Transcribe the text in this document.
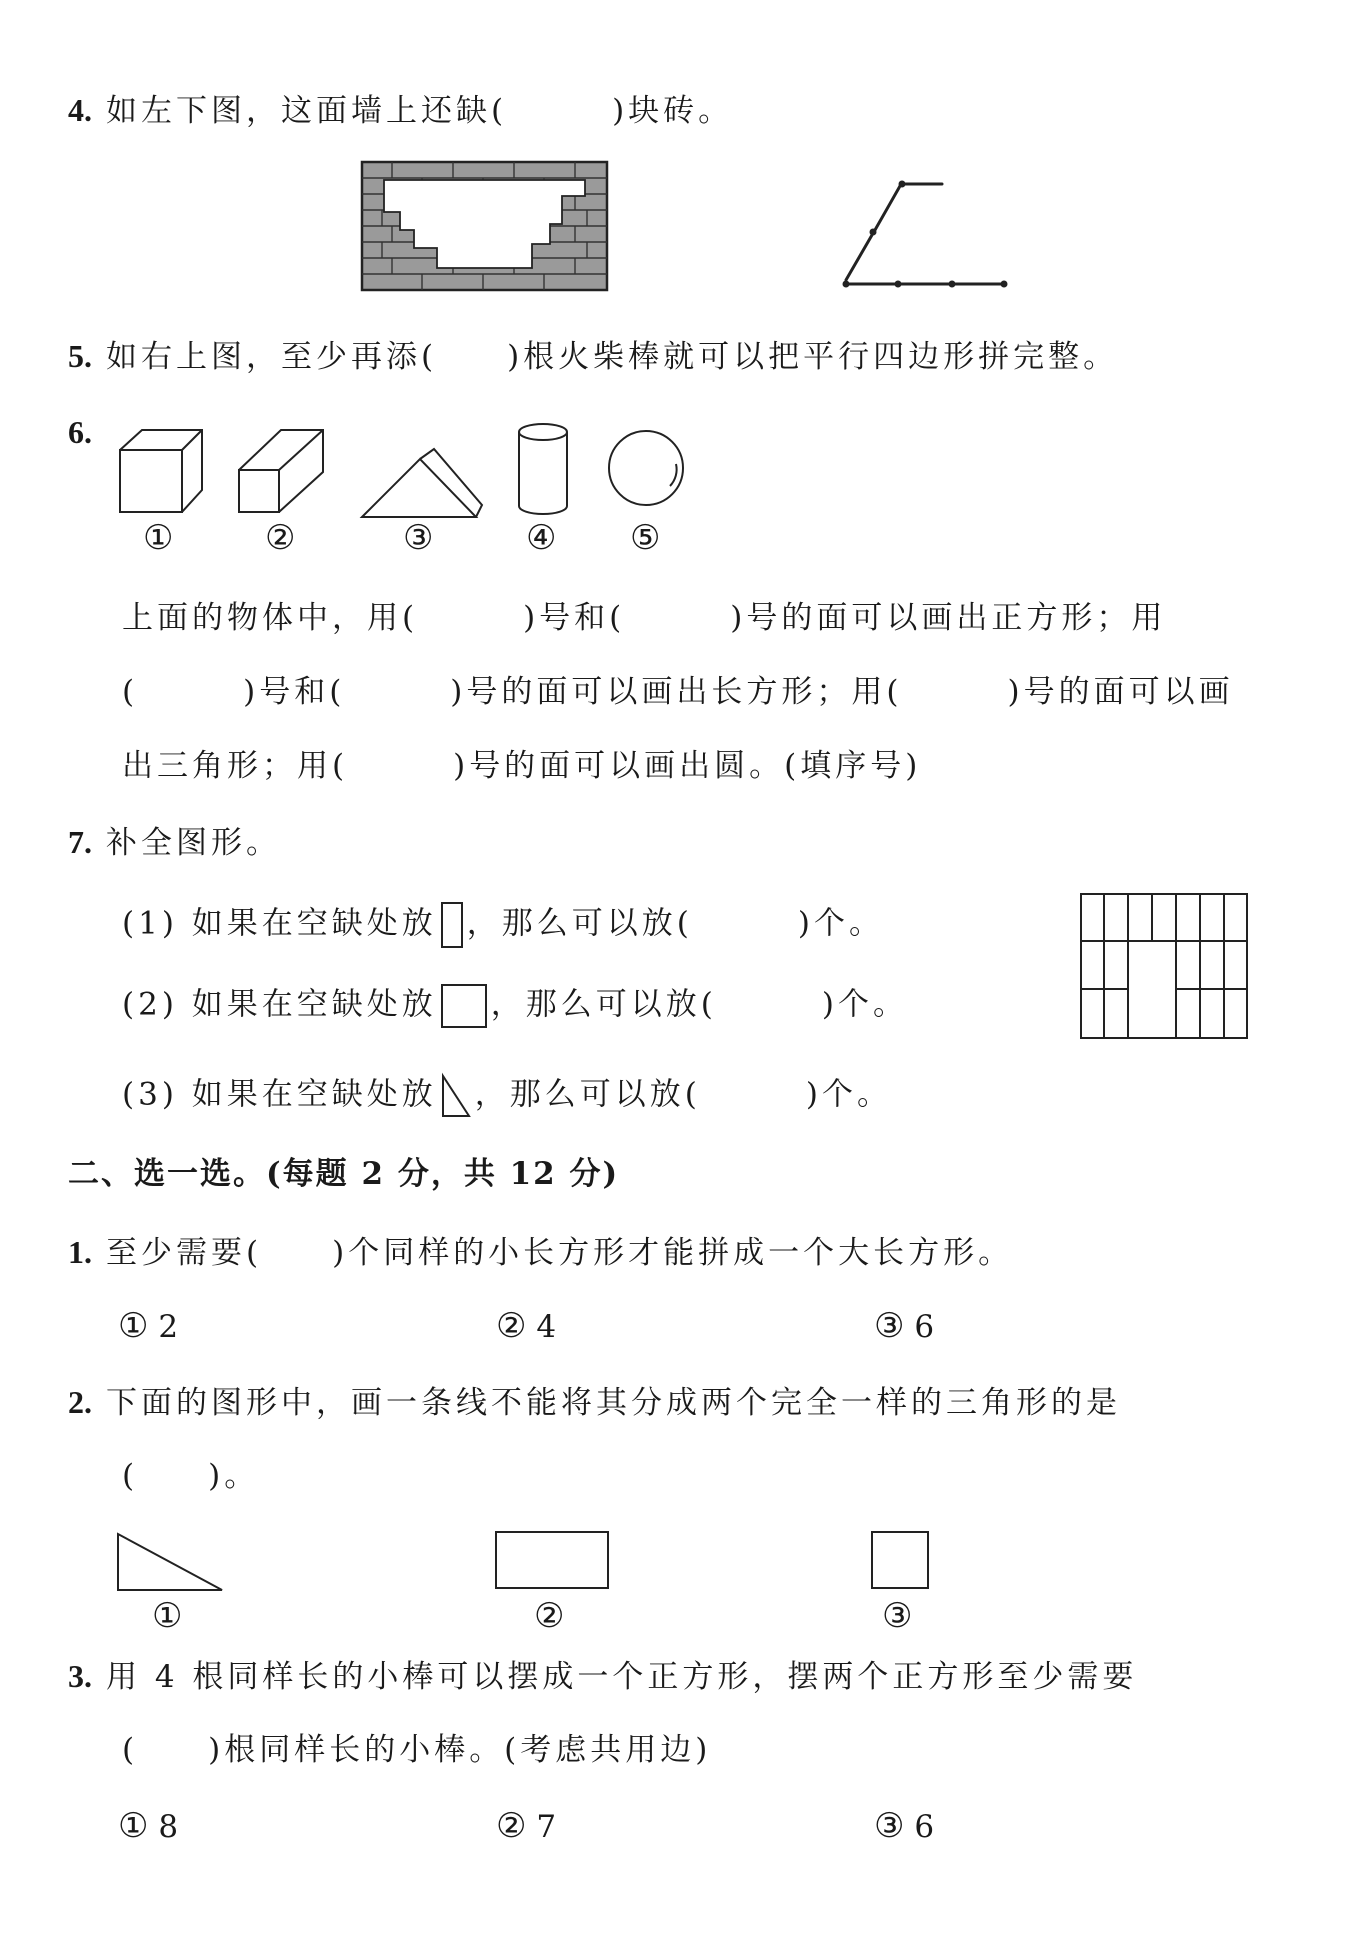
4. 如左下图，这面墙上还缺(　　　)块砖。
5. 如右上图，至少再添(　　)根火柴棒就可以把平行四边形拼完整。
6.
①	②	③	④ ⑤
上面的物体中，用(　　　)号和(　　　)号的面可以画出正方形；用
(　　　)号和(　　　)号的面可以画出长方形；用(　　　)号的面可以画
出三角形；用(　　　)号的面可以画出圆。(填序号)
7. 补全图形。
(1) 如果在空缺处放 ，那么可以放(　　　)个。
(2) 如果在空缺处放 ，那么可以放(　　　)个。
(3) 如果在空缺处放 ，那么可以放(　　　)个。
二、选一选。(每题 2 分，共 12 分)
1. 至少需要(　　)个同样的小长方形才能拼成一个大长方形。
① 2	② 4	③ 6
2. 下面的图形中，画一条线不能将其分成两个完全一样的三角形的是
(　　)。
①	②	③
3. 用 4 根同样长的小棒可以摆成一个正方形，摆两个正方形至少需要
(　　)根同样长的小棒。(考虑共用边)
① 8	② 7	③ 6
